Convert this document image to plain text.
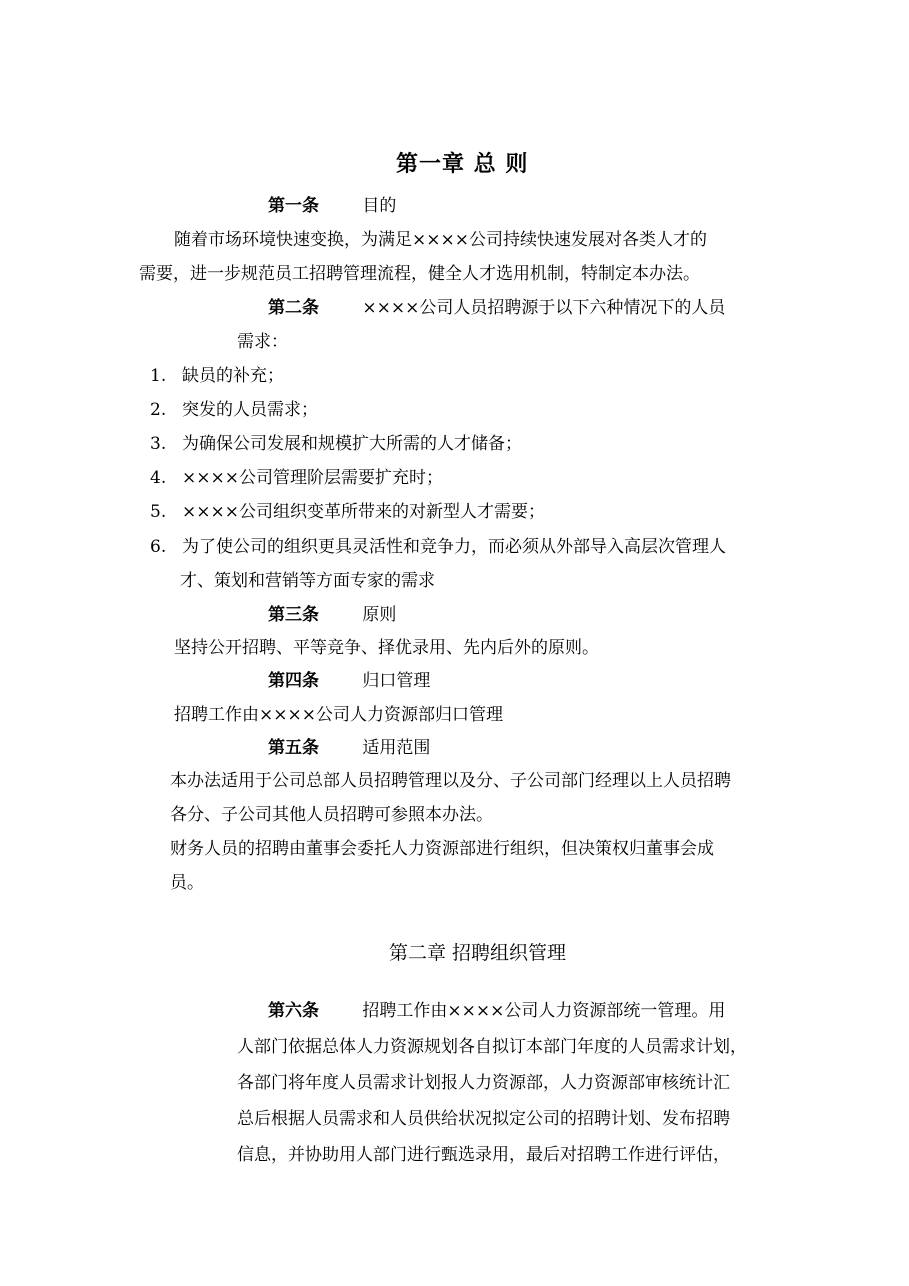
第一章 总 则
第一条	目的
随着市场环境快速变换，为满足××××公司持续快速发展对各类人才的
需要，进一步规范员工招聘管理流程，健全人才选用机制，特制定本办法。
第二条	××××公司人员招聘源于以下六种情况下的人员
需求：
1. 缺员的补充；
2. 突发的人员需求；
3. 为确保公司发展和规模扩大所需的人才储备；
4. ××××公司管理阶层需要扩充时；
5. ××××公司组织变革所带来的对新型人才需要；
6. 为了使公司的组织更具灵活性和竞争力，而必须从外部导入高层次管理人
才、策划和营销等方面专家的需求
第三条	原则
坚持公开招聘、平等竞争、择优录用、先内后外的原则。
第四条	归口管理
招聘工作由××××公司人力资源部归口管理
第五条	适用范围
本办法适用于公司总部人员招聘管理以及分、子公司部门经理以上人员招聘
各分、子公司其他人员招聘可参照本办法。
财务人员的招聘由董事会委托人力资源部进行组织，但决策权归董事会成
员。
第二章 招聘组织管理
第六条	招聘工作由××××公司人力资源部统一管理。用
人部门依据总体人力资源规划各自拟订本部门年度的人员需求计划，
各部门将年度人员需求计划报人力资源部，人力资源部审核统计汇
总后根据人员需求和人员供给状况拟定公司的招聘计划、发布招聘
信息，并协助用人部门进行甄选录用，最后对招聘工作进行评估，
